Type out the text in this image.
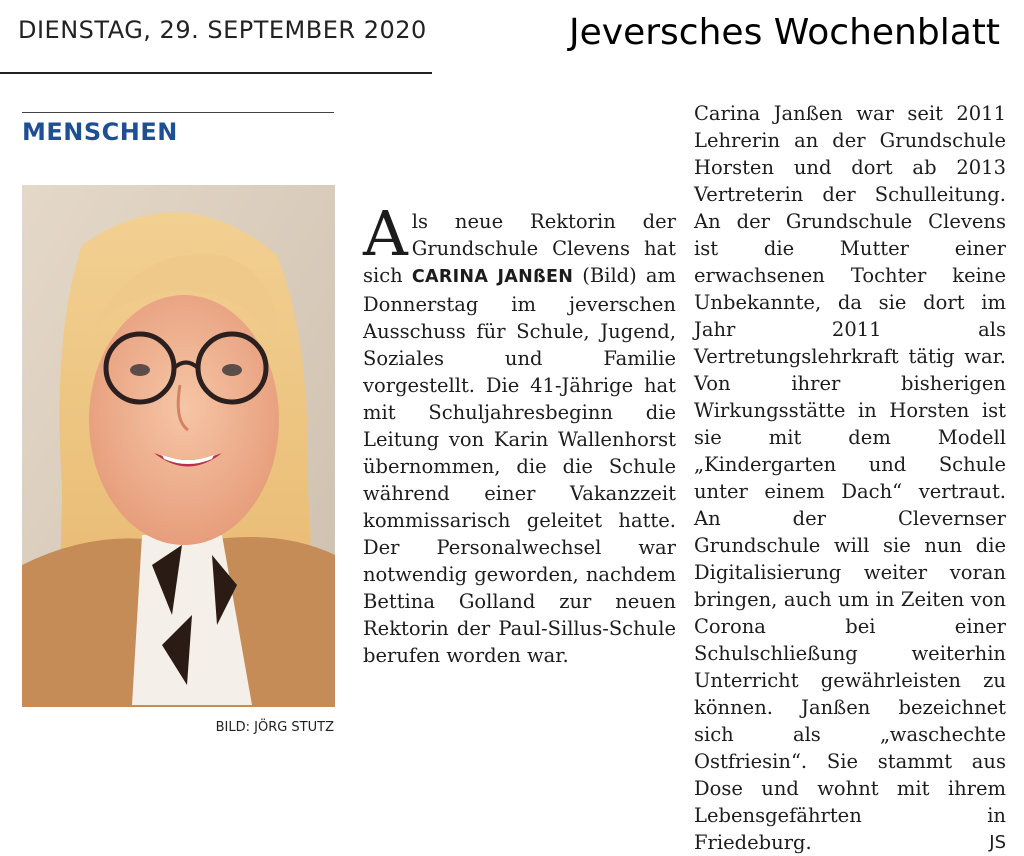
DIENSTAG, 29. SEPTEMBER 2020	Jeversches Wochenblatt
MENSCHEN
BILD: JÖRG STUTZ
Als neue Rektorin der Grundschule Clevens hat sich CARINA JANßEN (Bild) am Donnerstag im jeverschen Ausschuss für Schule, Jugend, Soziales und Familie vorgestellt. Die 41-Jährige hat mit Schuljahresbeginn die Leitung von Karin Wallenhorst übernommen, die die Schule während einer Vakanzzeit kommissarisch geleitet hatte. Der Personalwechsel war notwendig geworden, nachdem Bettina Golland zur neuen Rektorin der Paul-Sillus-Schule berufen worden war.
Carina Janßen war seit 2011 Lehrerin an der Grundschule Horsten und dort ab 2013 Vertreterin der Schulleitung. An der Grundschule Clevens ist die Mutter einer erwachsenen Tochter keine Unbekannte, da sie dort im Jahr 2011 als Vertretungslehrkraft tätig war. Von ihrer bisherigen Wirkungsstätte in Horsten ist sie mit dem Modell „Kindergarten und Schule unter einem Dach“ vertraut. An der Clevernser Grundschule will sie nun die Digitalisierung weiter voran bringen, auch um in Zeiten von Corona bei einer Schulschließung weiterhin Unterricht gewährleisten zu können. Janßen bezeichnet sich als „waschechte Ostfriesin“. Sie stammt aus Dose und wohnt mit ihrem Lebensgefährten in Friedeburg.	JS
